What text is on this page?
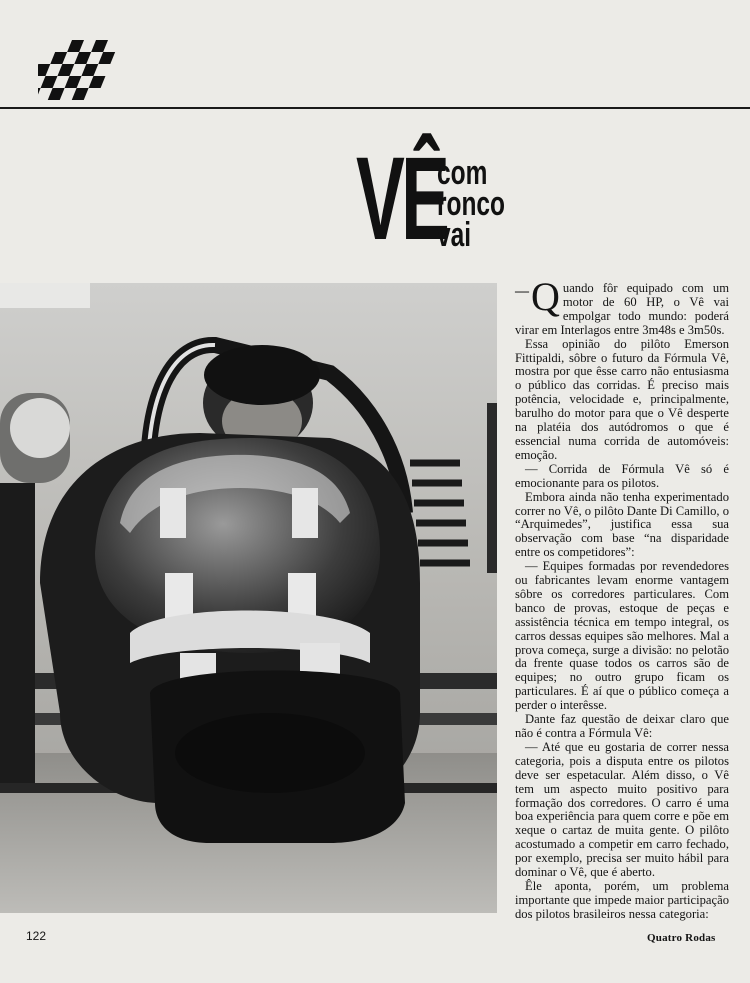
VÊ
com
ronco
vai

— Q uando fôr equipado com um motor de 60 HP, o Vê vai empolgar todo mundo: poderá virar em Interlagos entre 3m48s e 3m50s.

Essa opinião do pilôto Emerson Fittipaldi, sôbre o futuro da Fórmula Vê, mostra por que êsse carro não entusiasma o público das corridas. É preciso mais potência, velocidade e, principalmente, barulho do motor para que o Vê desperte na platéia dos autódromos o que é essencial numa corrida de automóveis: emoção.

— Corrida de Fórmula Vê só é emocionante para os pilotos.

Embora ainda não tenha experimentado correr no Vê, o pilôto Dante Di Camillo, o “Arquimedes”, justifica essa sua observação com base “na disparidade entre os competidores”:

— Equipes formadas por revendedores ou fabricantes levam enorme vantagem sôbre os corredores particulares. Com banco de provas, estoque de peças e assistência técnica em tempo integral, os carros dessas equipes são melhores. Mal a prova começa, surge a divisão: no pelotão da frente quase todos os carros são de equipes; no outro grupo ficam os particulares. É aí que o público começa a perder o interêsse.

Dante faz questão de deixar claro que não é contra a Fórmula Vê:

— Até que eu gostaria de correr nessa categoria, pois a disputa entre os pilotos deve ser espetacular. Além disso, o Vê tem um aspecto muito positivo para formação dos corredores. O carro é uma boa experiência para quem corre e põe em xeque o cartaz de muita gente. O pilôto acostumado a competir em carro fechado, por exemplo, precisa ser muito hábil para dominar o Vê, que é aberto.

Êle aponta, porém, um problema importante que impede maior participação dos pilotos brasileiros nessa categoria:

122	Quatro Rodas
